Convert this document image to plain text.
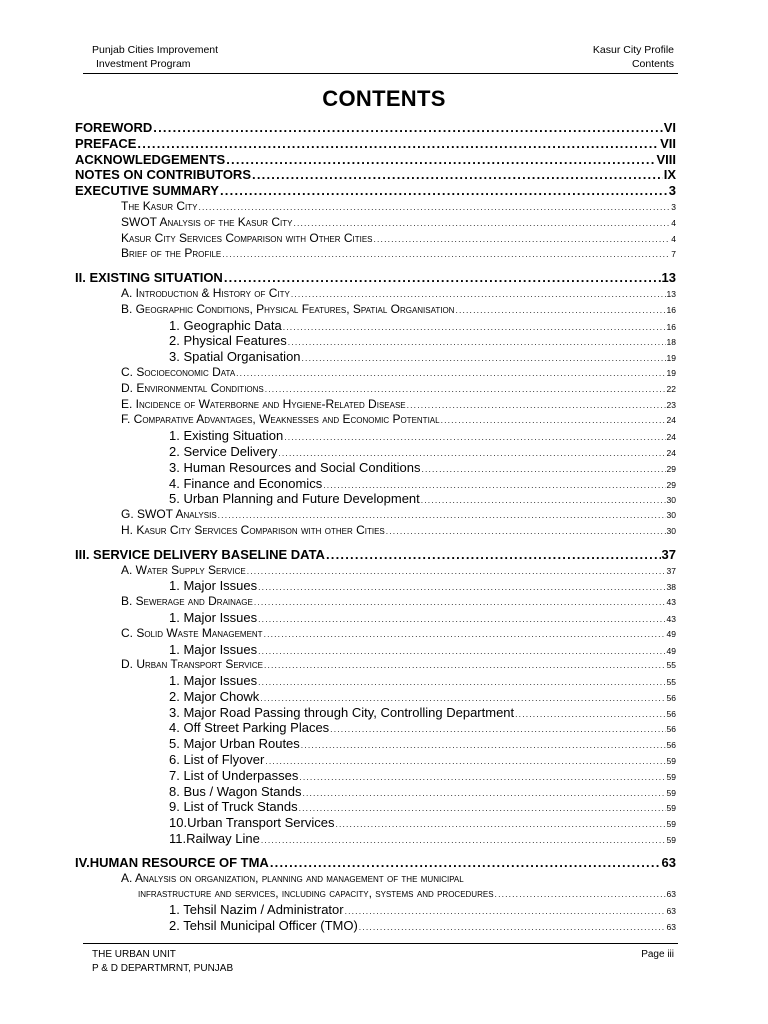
Punjab Cities Improvement
Investment Program
Kasur City Profile
Contents
CONTENTS
FOREWORD . . .	VI
PREFACE . . .	VII
ACKNOWLEDGEMENTS . . .	VIII
NOTES ON CONTRIBUTORS . . .	IX
EXECUTIVE SUMMARY . . .	3
The Kasur City . . .	3
SWOT Analysis of the Kasur City . . .	4
Kasur City Services Comparison with Other Cities . . .	4
Brief of the Profile . . .	7
II. EXISTING SITUATION . . .	13
A. Introduction & History of City . . .	13
B. Geographic Conditions, Physical Features, Spatial Organisation . . .	16
1. Geographic Data . . .	16
2. Physical Features . . .	18
3. Spatial Organisation . . .	19
C. Socioeconomic Data . . .	19
D. Environmental Conditions . . .	22
E. Incidence of Waterborne and Hygiene-Related Disease . . .	23
F. Comparative Advantages, Weaknesses and Economic Potential . . .	24
1. Existing Situation . . .	24
2. Service Delivery . . .	24
3. Human Resources and Social Conditions . . .	29
4. Finance and Economics . . .	29
5. Urban Planning and Future Development . . .	30
G. SWOT Analysis . . .	30
H. Kasur City Services Comparison with other Cities . . .	30
III. SERVICE DELIVERY BASELINE DATA . . .	37
A. Water Supply Service . . .	37
1. Major Issues . . .	38
B. Sewerage and Drainage . . .	43
1. Major Issues . . .	43
C. Solid Waste Management . . .	49
1. Major Issues . . .	49
D. Urban Transport Service . . .	55
1. Major Issues . . .	55
2. Major Chowk . . .	56
3. Major Road Passing through City, Controlling Department . . .	56
4. Off Street Parking Places . . .	56
5. Major Urban Routes . . .	56
6. List of Flyover . . .	59
7. List of Underpasses . . .	59
8. Bus / Wagon Stands . . .	59
9. List of Truck Stands . . .	59
10.Urban Transport Services . . .	59
11.Railway Line . . .	59
IV.HUMAN RESOURCE OF TMA . . .	63
A. Analysis on organization, planning and management of the municipal
infrastructure and services, including capacity, systems and procedures . . .	63
1. Tehsil Nazim / Administrator . . .	63
2. Tehsil Municipal Officer (TMO) . . .	63
THE URBAN UNIT
P & D DEPARTMRNT, PUNJAB
Page iii
